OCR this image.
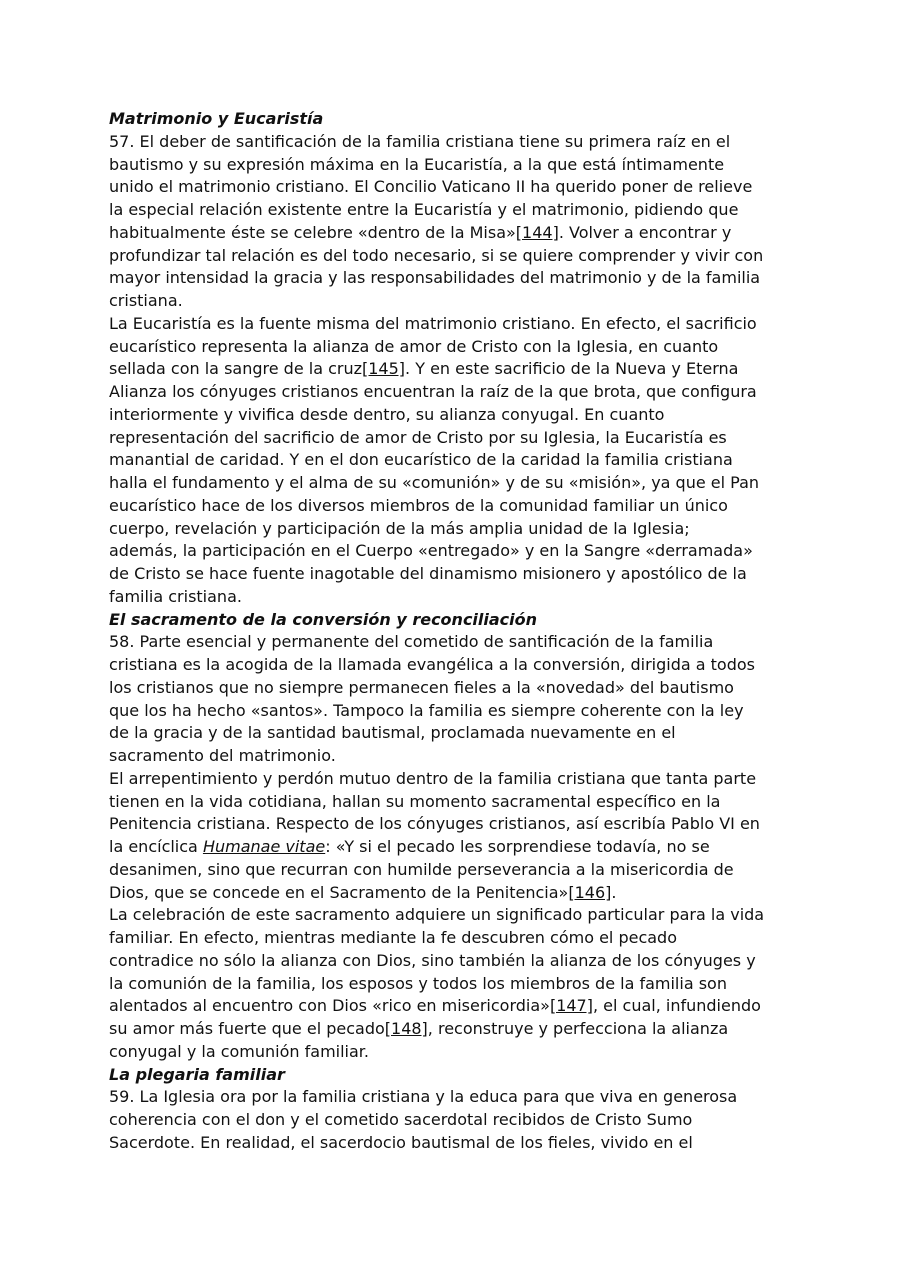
Matrimonio y Eucaristía
57. El deber de santificación de la familia cristiana tiene su primera raíz en el
bautismo y su expresión máxima en la Eucaristía, a la que está íntimamente
unido el matrimonio cristiano. El Concilio Vaticano II ha querido poner de relieve
la especial relación existente entre la Eucaristía y el matrimonio, pidiendo que
habitualmente éste se celebre «dentro de la Misa»[144]. Volver a encontrar y
profundizar tal relación es del todo necesario, si se quiere comprender y vivir con
mayor intensidad la gracia y las responsabilidades del matrimonio y de la familia
cristiana.
La Eucaristía es la fuente misma del matrimonio cristiano. En efecto, el sacrificio
eucarístico representa la alianza de amor de Cristo con la Iglesia, en cuanto
sellada con la sangre de la cruz[145]. Y en este sacrificio de la Nueva y Eterna
Alianza los cónyuges cristianos encuentran la raíz de la que brota, que configura
interiormente y vivifica desde dentro, su alianza conyugal. En cuanto
representación del sacrificio de amor de Cristo por su Iglesia, la Eucaristía es
manantial de caridad. Y en el don eucarístico de la caridad la familia cristiana
halla el fundamento y el alma de su «comunión» y de su «misión», ya que el Pan
eucarístico hace de los diversos miembros de la comunidad familiar un único
cuerpo, revelación y participación de la más amplia unidad de la Iglesia;
además, la participación en el Cuerpo «entregado» y en la Sangre «derramada»
de Cristo se hace fuente inagotable del dinamismo misionero y apostólico de la
familia cristiana.
El sacramento de la conversión y reconciliación
58. Parte esencial y permanente del cometido de santificación de la familia
cristiana es la acogida de la llamada evangélica a la conversión, dirigida a todos
los cristianos que no siempre permanecen fieles a la «novedad» del bautismo
que los ha hecho «santos». Tampoco la familia es siempre coherente con la ley
de la gracia y de la santidad bautismal, proclamada nuevamente en el
sacramento del matrimonio.
El arrepentimiento y perdón mutuo dentro de la familia cristiana que tanta parte
tienen en la vida cotidiana, hallan su momento sacramental específico en la
Penitencia cristiana. Respecto de los cónyuges cristianos, así escribía Pablo VI en
la encíclica Humanae vitae: «Y si el pecado les sorprendiese todavía, no se
desanimen, sino que recurran con humilde perseverancia a la misericordia de
Dios, que se concede en el Sacramento de la Penitencia»[146].
La celebración de este sacramento adquiere un significado particular para la vida
familiar. En efecto, mientras mediante la fe descubren cómo el pecado
contradice no sólo la alianza con Dios, sino también la alianza de los cónyuges y
la comunión de la familia, los esposos y todos los miembros de la familia son
alentados al encuentro con Dios «rico en misericordia»[147], el cual, infundiendo
su amor más fuerte que el pecado[148], reconstruye y perfecciona la alianza
conyugal y la comunión familiar.
La plegaria familiar
59. La Iglesia ora por la familia cristiana y la educa para que viva en generosa
coherencia con el don y el cometido sacerdotal recibidos de Cristo Sumo
Sacerdote. En realidad, el sacerdocio bautismal de los fieles, vivido en el
